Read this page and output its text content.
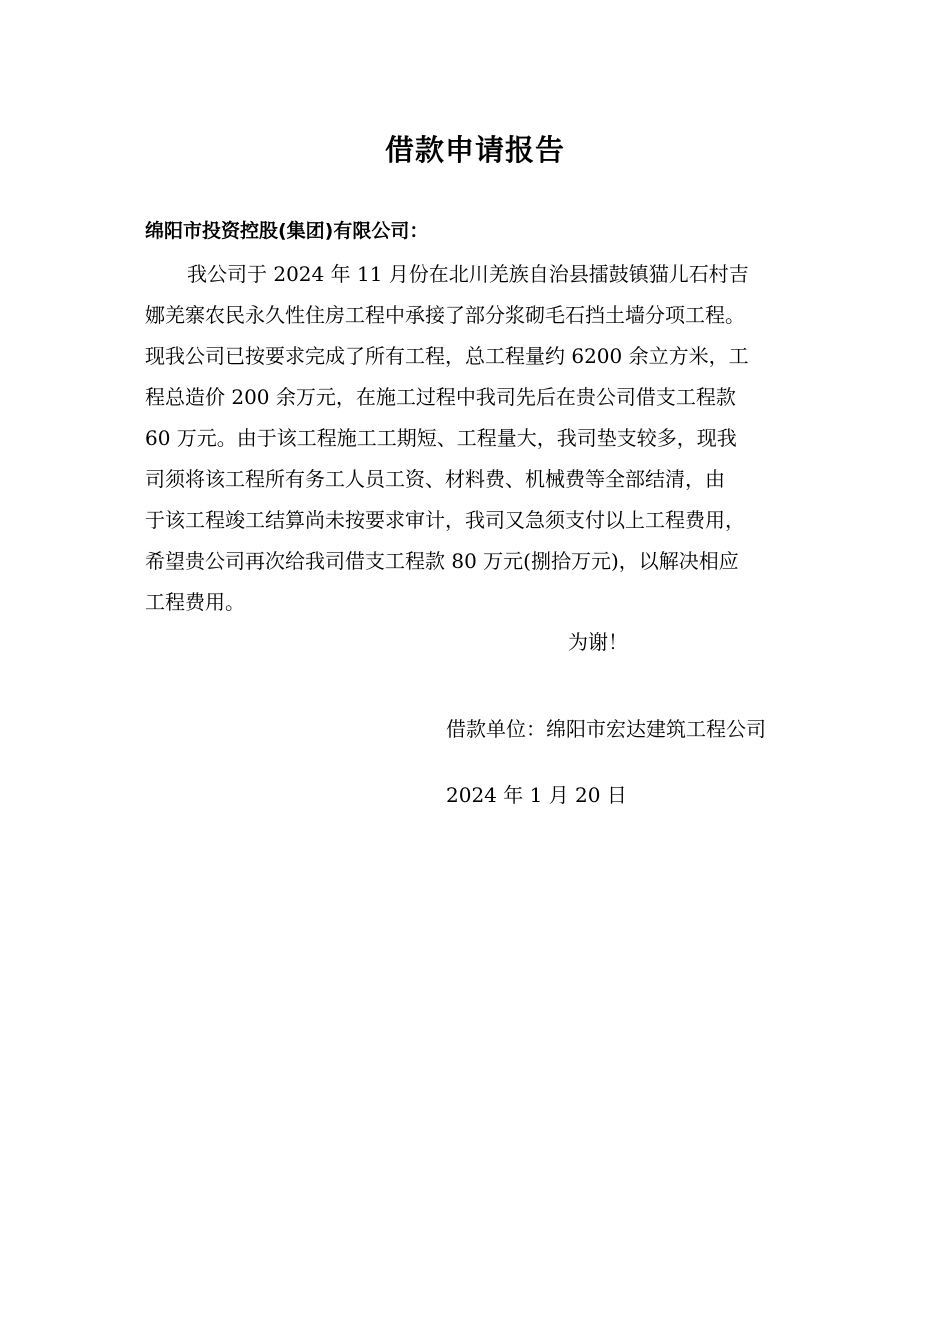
借款申请报告
绵阳市投资控股(集团)有限公司：
我公司于 2024 年 11 月份在北川羌族自治县擂鼓镇猫儿石村吉
娜羌寨农民永久性住房工程中承接了部分浆砌毛石挡土墙分项工程。
现我公司已按要求完成了所有工程，总工程量约 6200 余立方米，工
程总造价 200 余万元，在施工过程中我司先后在贵公司借支工程款
60 万元。由于该工程施工工期短、工程量大，我司垫支较多，现我
司须将该工程所有务工人员工资、材料费、机械费等全部结清，由
于该工程竣工结算尚未按要求审计，我司又急须支付以上工程费用，
希望贵公司再次给我司借支工程款 80 万元(捌拾万元)，以解决相应
工程费用。
为谢！
借款单位：绵阳市宏达建筑工程公司
2024 年 1 月 20 日
